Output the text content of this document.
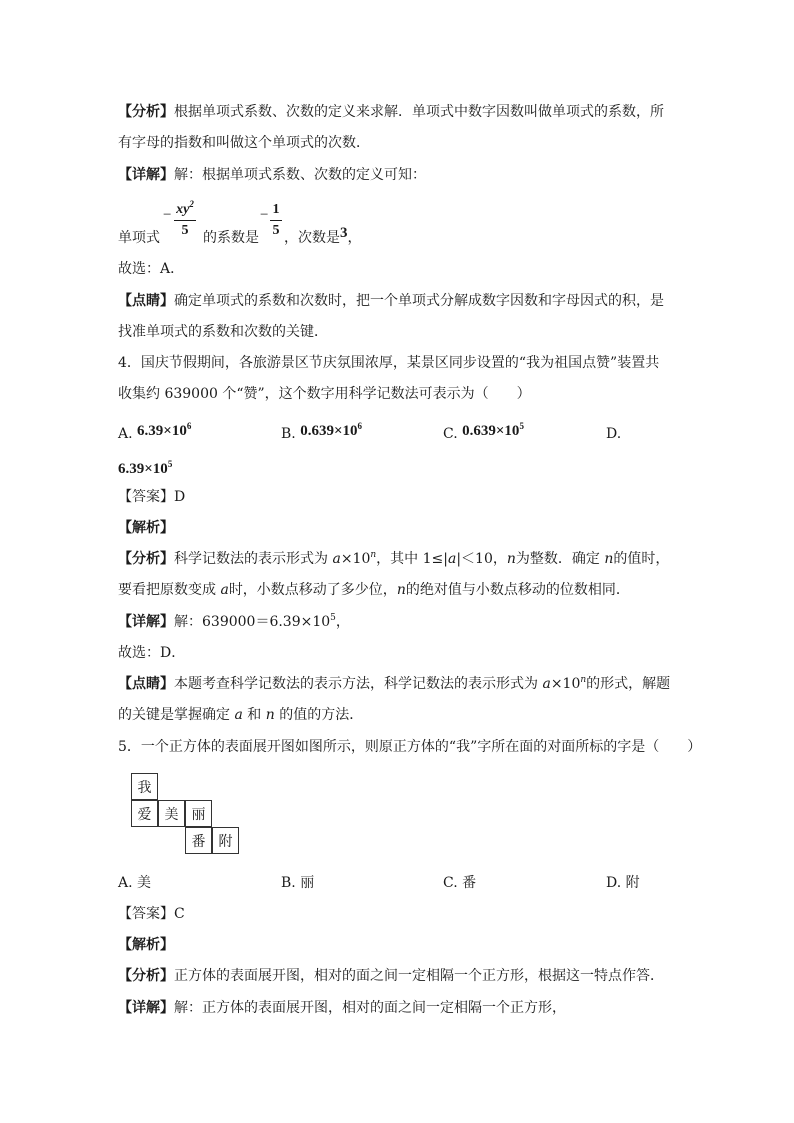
【分析】根据单项式系数、次数的定义来求解．单项式中数字因数叫做单项式的系数，所
有字母的指数和叫做这个单项式的次数．
【详解】解：根据单项式系数、次数的定义可知：
单项式
− $xy^2$
5	的系数是
− 1
5 ，次数是3，
故选：A．
【点睛】确定单项式的系数和次数时，把一个单项式分解成数字因数和字母因式的积，是
找准单项式的系数和次数的关键．
4．国庆节假期间，各旅游景区节庆氛围浓厚，某景区同步设置的“我为祖国点赞”装置共
收集约 639000 个“赞”，这个数字用科学记数法可表示为（　　）
A. $6.39\times 10^6$	B. $0.639\times 10^6$	C. $0.639\times 10^5$	D.
$6.39\times 10^5$
【答案】D
【解析】
【分析】科学记数法的表示形式为 $a\times 10^n$，其中 1≤|a|＜10，n为整数．确定 n的值时，
要看把原数变成 a时，小数点移动了多少位，n的绝对值与小数点移动的位数相同．
【详解】解：$639000=6.39\times 10^5$，
故选：D．
【点睛】本题考查科学记数法的表示方法，科学记数法的表示形式为 $a\times 10^n$的形式，解题
的关键是掌握确定 a 和 n 的值的方法．
5．一个正方体的表面展开图如图所示，则原正方体的“我”字所在面的对面所标的字是（　　）
我
爱 美 丽
番 附
A. 美	B. 丽	C. 番	D. 附
【答案】C
【解析】
【分析】正方体的表面展开图，相对的面之间一定相隔一个正方形，根据这一特点作答．
【详解】解：正方体的表面展开图，相对的面之间一定相隔一个正方形，
